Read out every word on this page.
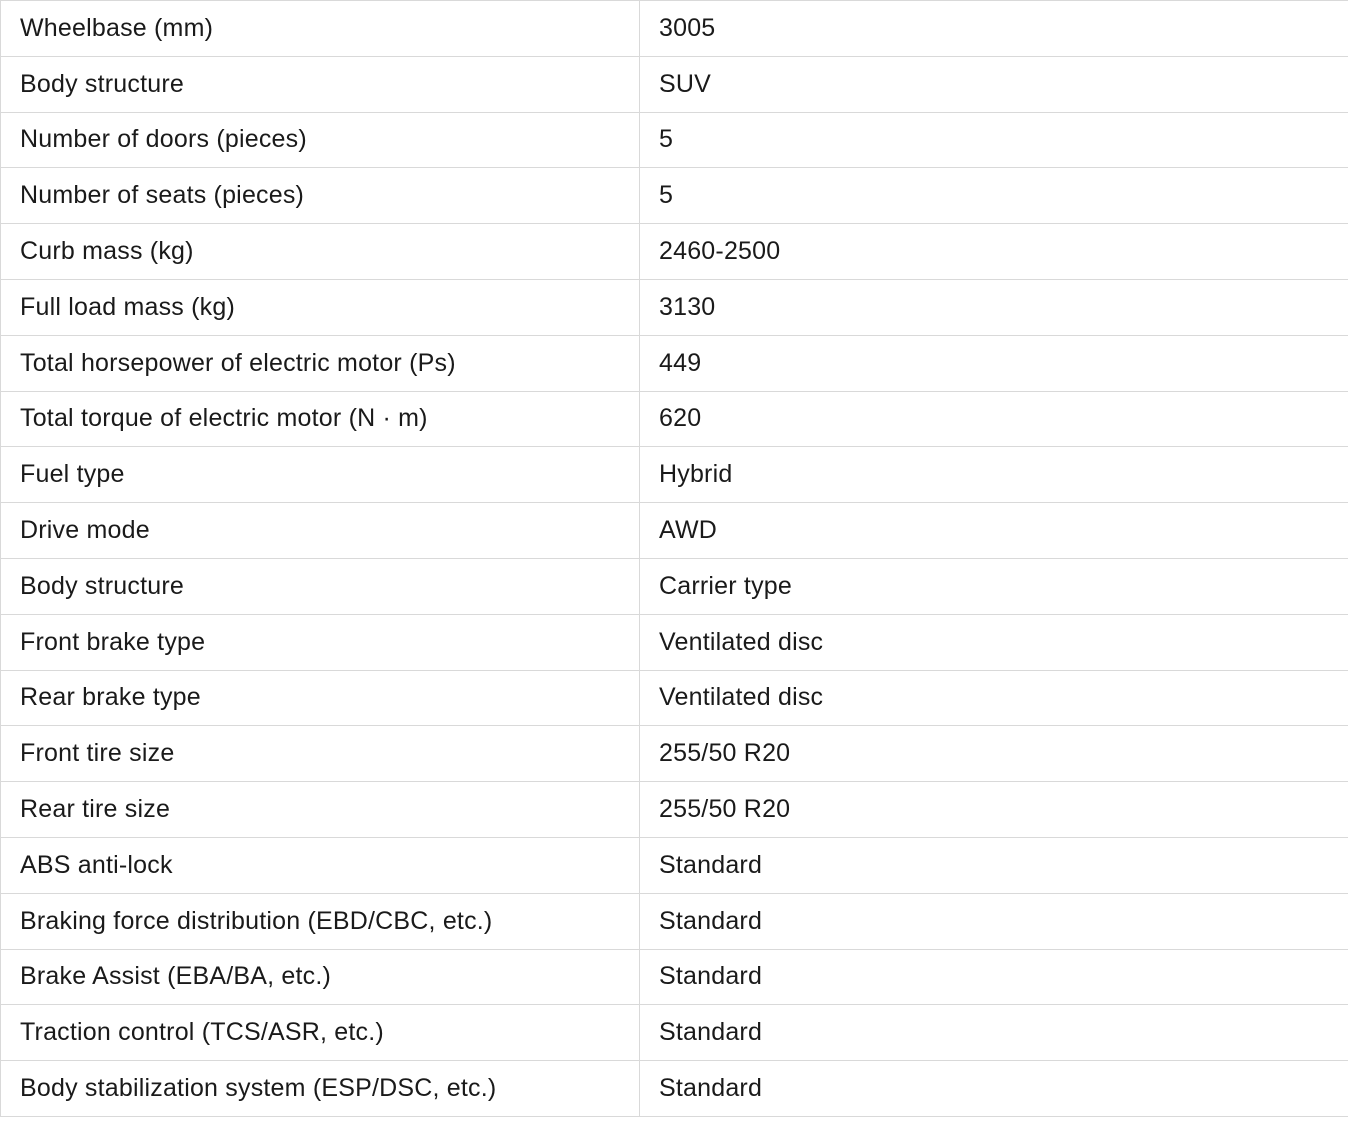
Wheelbase (mm)	3005
Body structure	SUV
Number of doors (pieces)	5
Number of seats (pieces)	5
Curb mass (kg)	2460-2500
Full load mass (kg)	3130
Total horsepower of electric motor (Ps)	449
Total torque of electric motor (N · m)	620
Fuel type	Hybrid
Drive mode	AWD
Body structure	Carrier type
Front brake type	Ventilated disc
Rear brake type	Ventilated disc
Front tire size	255/50 R20
Rear tire size	255/50 R20
ABS anti-lock	Standard
Braking force distribution (EBD/CBC, etc.)	Standard
Brake Assist (EBA/BA, etc.)	Standard
Traction control (TCS/ASR, etc.)	Standard
Body stabilization system (ESP/DSC, etc.)	Standard
